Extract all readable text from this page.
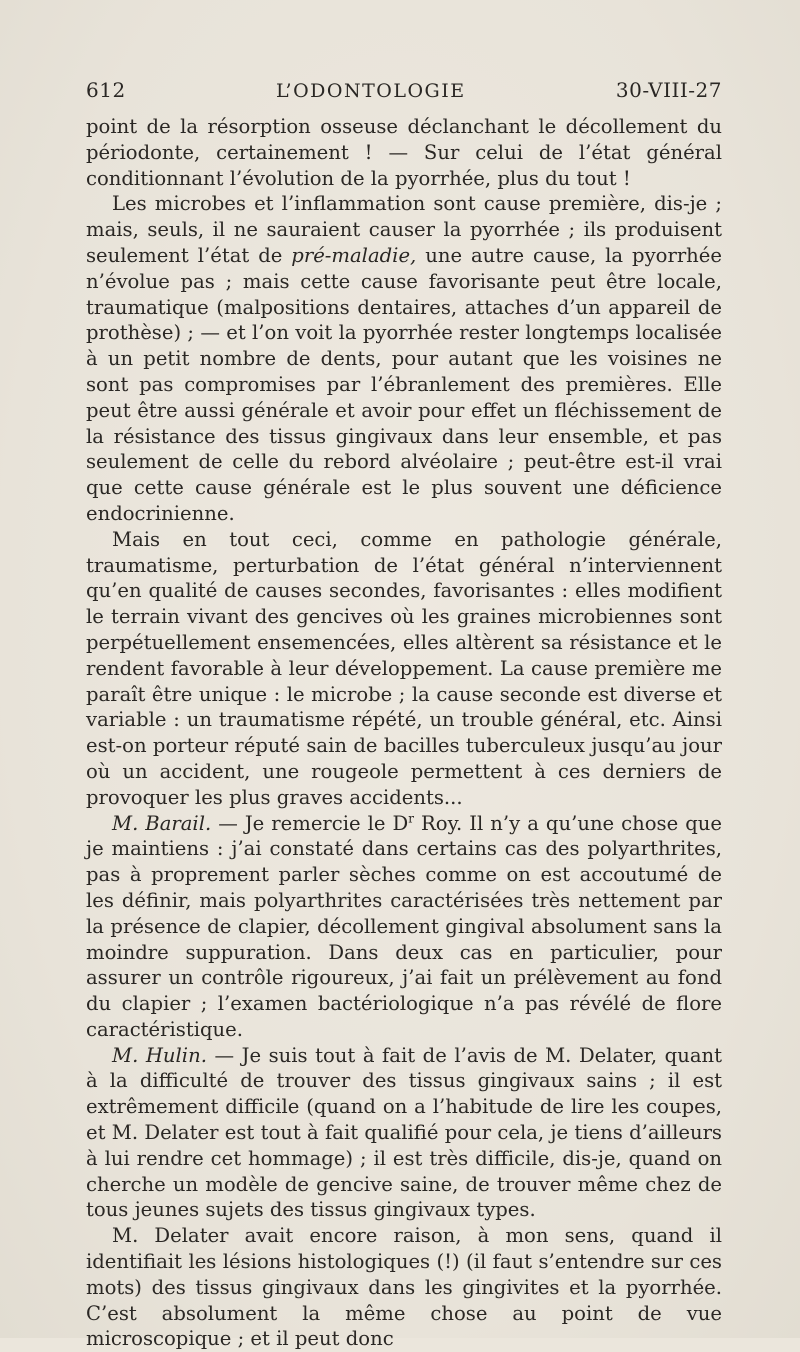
612	L’ODONTOLOGIE	30-VIII-27

point de la résorption osseuse déclanchant le décollement du périodonte, certainement ! — Sur celui de l’état général conditionnant l’évolution de la pyorrhée, plus du tout !

Les microbes et l’inflammation sont cause première, dis-je ; mais, seuls, il ne sauraient causer la pyorrhée ; ils produisent seulement l’état de pré-maladie, une autre cause, la pyorrhée n’évolue pas ; mais cette cause favorisante peut être locale, traumatique (malpositions dentaires, attaches d’un appareil de prothèse) ; — et l’on voit la pyorrhée rester longtemps localisée à un petit nombre de dents, pour autant que les voisines ne sont pas compromises par l’ébranlement des premières. Elle peut être aussi générale et avoir pour effet un fléchissement de la résistance des tissus gingivaux dans leur ensemble, et pas seulement de celle du rebord alvéolaire ; peut-être est-il vrai que cette cause générale est le plus souvent une déficience endocrinienne.

Mais en tout ceci, comme en pathologie générale, traumatisme, perturbation de l’état général n’interviennent qu’en qualité de causes secondes, favorisantes : elles modifient le terrain vivant des gencives où les graines microbiennes sont perpétuellement ensemencées, elles altèrent sa résistance et le rendent favorable à leur développement. La cause première me paraît être unique : le microbe ; la cause seconde est diverse et variable : un traumatisme répété, un trouble général, etc. Ainsi est-on porteur réputé sain de bacilles tuberculeux jusqu’au jour où un accident, une rougeole permettent à ces derniers de provoquer les plus graves accidents...

M. Barail. — Je remercie le $D^r$ Roy. Il n’y a qu’une chose que je maintiens : j’ai constaté dans certains cas des polyarthrites, pas à proprement parler sèches comme on est accoutumé de les définir, mais polyarthrites caractérisées très nettement par la présence de clapier, décollement gingival absolument sans la moindre suppuration. Dans deux cas en particulier, pour assurer un contrôle rigoureux, j’ai fait un prélèvement au fond du clapier ; l’examen bactériologique n’a pas révélé de flore caractéristique.

M. Hulin. — Je suis tout à fait de l’avis de M. Delater, quant à la difficulté de trouver des tissus gingivaux sains ; il est extrêmement difficile (quand on a l’habitude de lire les coupes, et M. Delater est tout à fait qualifié pour cela, je tiens d’ailleurs à lui rendre cet hommage) ; il est très difficile, dis-je, quand on cherche un modèle de gencive saine, de trouver même chez de tous jeunes sujets des tissus gingivaux types.

M. Delater avait encore raison, à mon sens, quand il identifiait les lésions histologiques (!) (il faut s’entendre sur ces mots) des tissus gingivaux dans les gingivites et la pyorrhée. C’est absolument la même chose au point de vue microscopique ; et il peut donc
